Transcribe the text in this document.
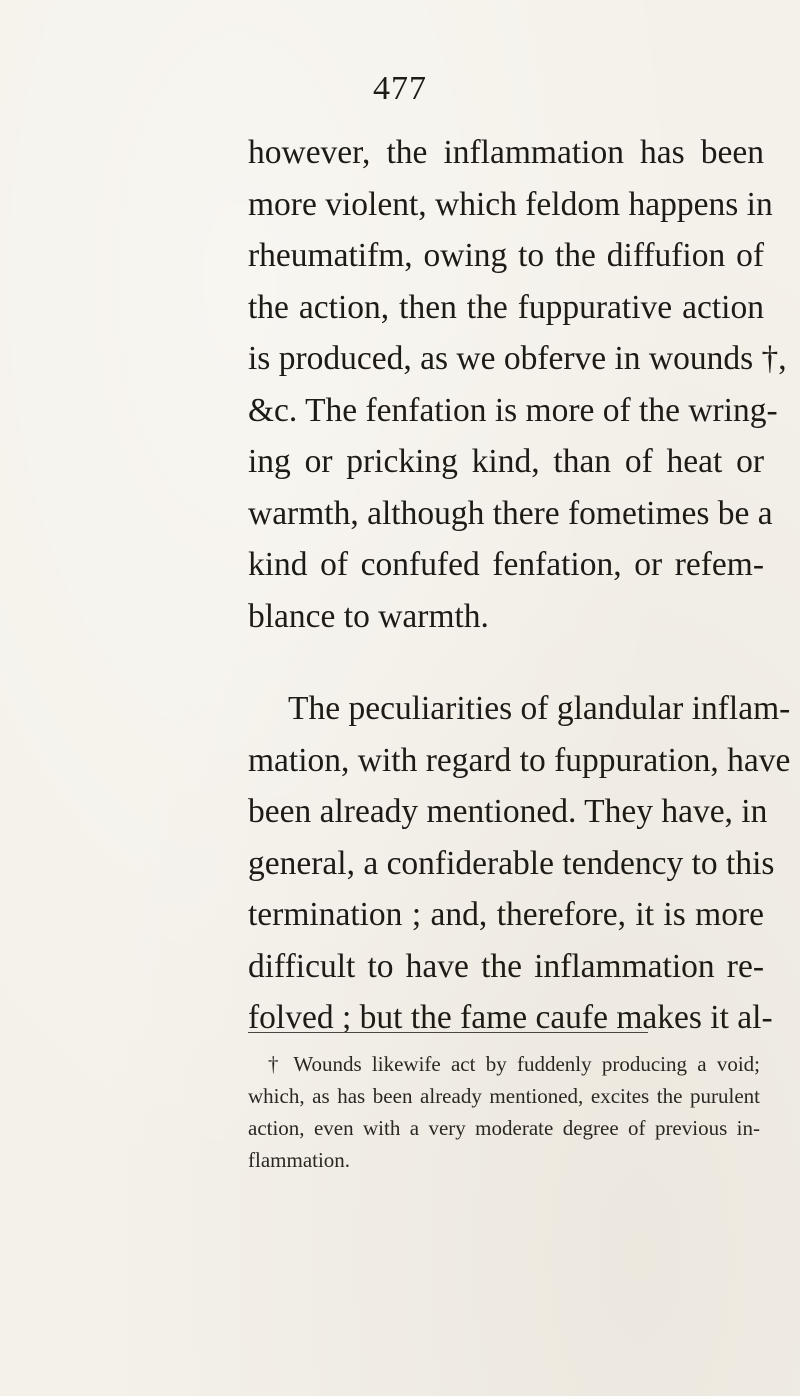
477
however, the inflammation has been
more violent, which feldom happens in
rheumatifm, owing to the diffufion of
the action, then the fuppurative action
is produced, as we obferve in wounds †,
&c. The fenfation is more of the wring-
ing or pricking kind, than of heat or
warmth, although there fometimes be a
kind of confufed fenfation, or refem-
blance to warmth.
The peculiarities of glandular inflam-
mation, with regard to fuppuration, have
been already mentioned. They have, in
general, a confiderable tendency to this
termination ; and, therefore, it is more
difficult to have the inflammation re-
folved ; but the fame caufe makes it al-
† Wounds likewife act by fuddenly producing a void;
which, as has been already mentioned, excites the purulent
action, even with a very moderate degree of previous in-
flammation.
